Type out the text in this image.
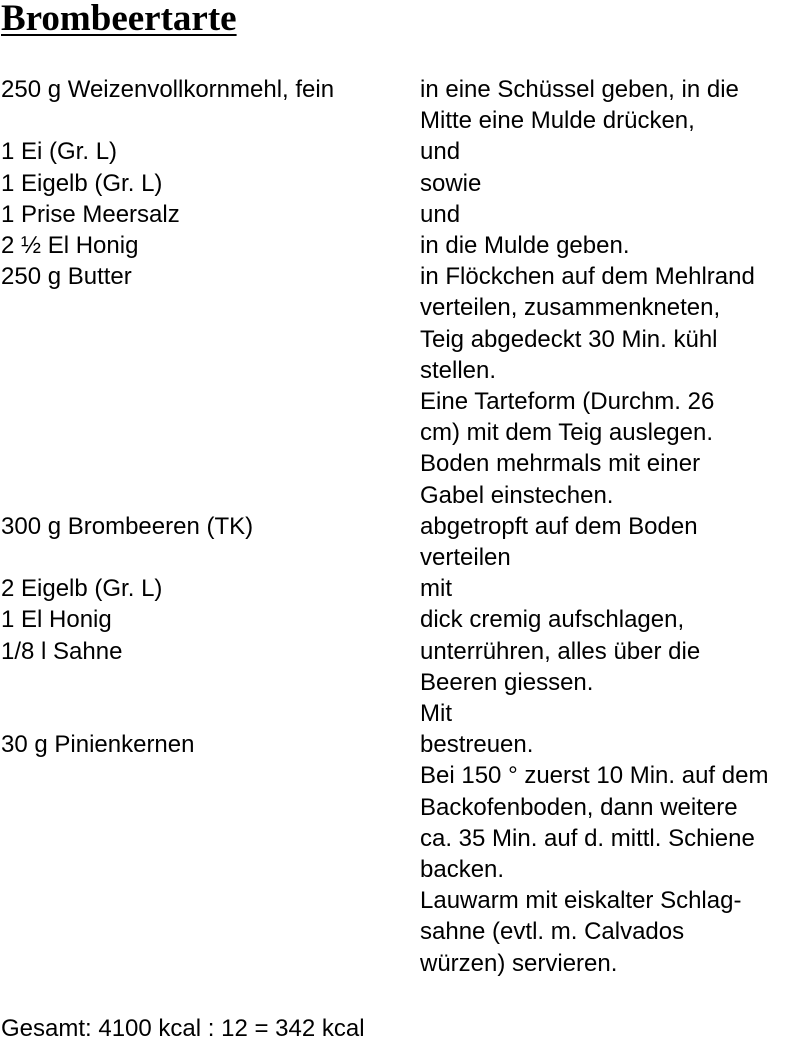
Brombeertarte
250 g Weizenvollkornmehl, fein	in eine Schüssel geben, in die
Mitte eine Mulde drücken,
1 Ei (Gr. L)	und
1 Eigelb (Gr. L)	sowie
1 Prise Meersalz	und
2 ½ El Honig	in die Mulde geben.
250 g Butter	in Flöckchen auf dem Mehlrand
verteilen, zusammenkneten,
Teig abgedeckt 30 Min. kühl
stellen.
Eine Tarteform (Durchm. 26
cm) mit dem Teig auslegen.
Boden mehrmals mit einer
Gabel einstechen.
300 g Brombeeren (TK)	abgetropft auf dem Boden
verteilen
2 Eigelb (Gr. L)	mit
1 El Honig	dick cremig aufschlagen,
1/8 l Sahne	unterrühren, alles über die
Beeren giessen.
Mit
30 g Pinienkernen	bestreuen.
Bei 150 ° zuerst 10 Min. auf dem
Backofenboden, dann weitere
ca. 35 Min. auf d. mittl. Schiene
backen.
Lauwarm mit eiskalter Schlag-
sahne (evtl. m. Calvados
würzen) servieren.
Gesamt: 4100 kcal : 12 = 342 kcal
